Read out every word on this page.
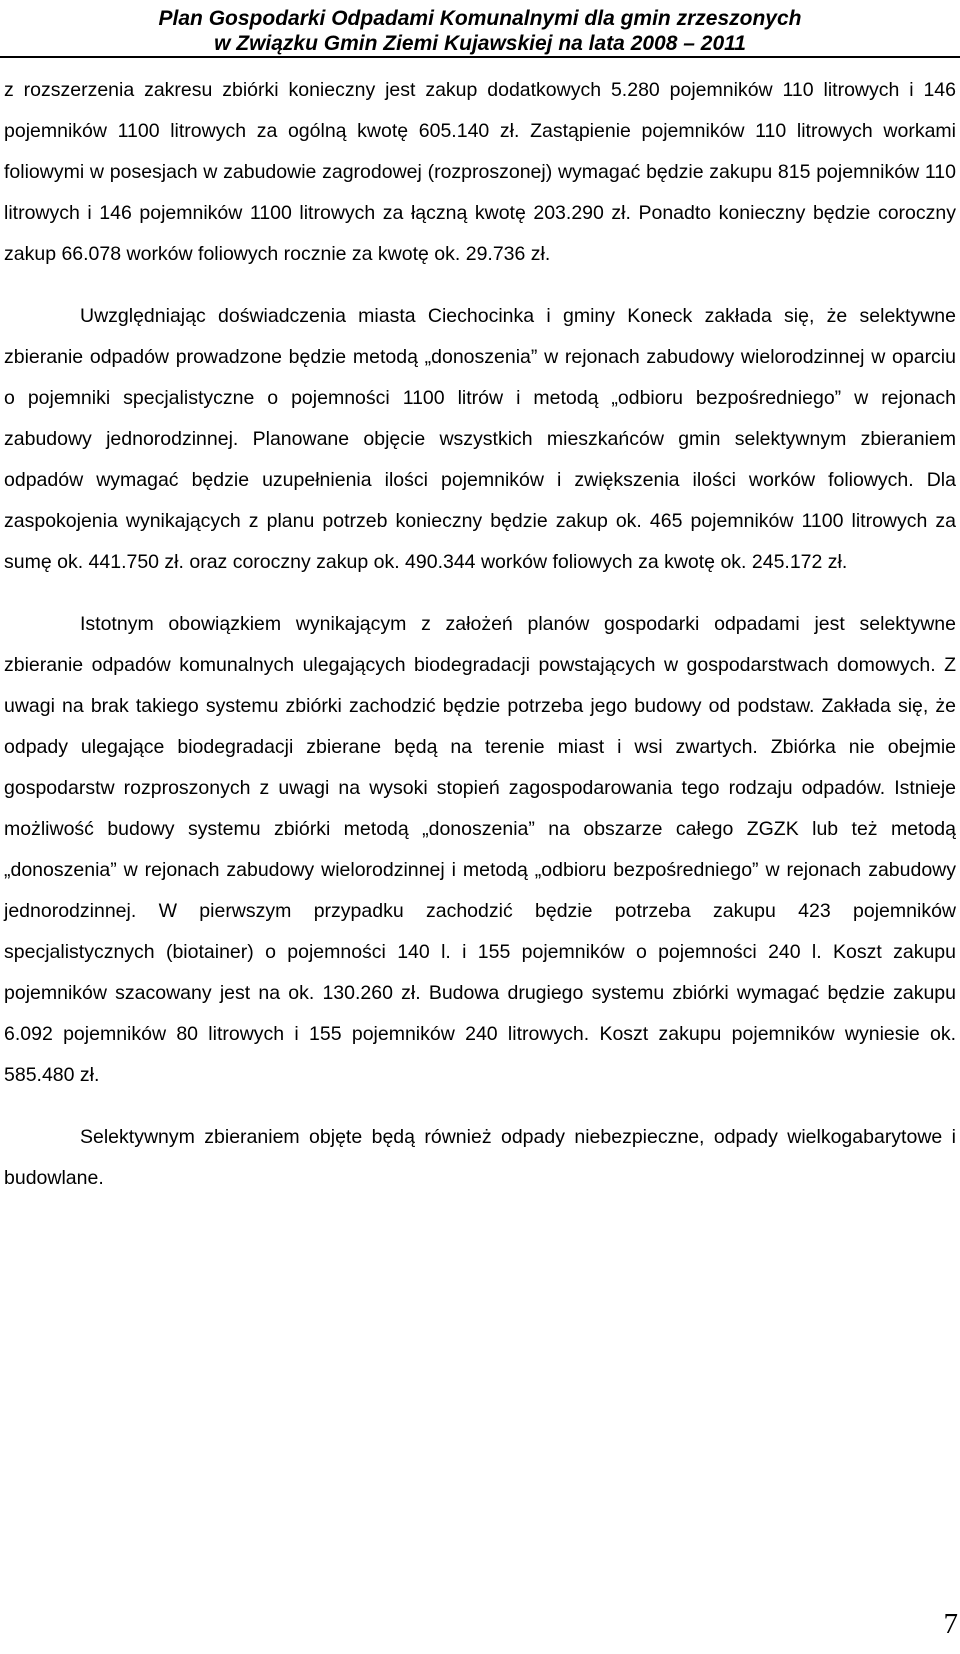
Plan Gospodarki Odpadami Komunalnymi dla gmin zrzeszonych
w Związku Gmin Ziemi Kujawskiej na lata 2008 – 2011

z rozszerzenia zakresu zbiórki konieczny jest zakup dodatkowych 5.280 pojemników 110 litrowych i 146 pojemników 1100 litrowych za ogólną kwotę 605.140 zł. Zastąpienie pojemników 110 litrowych workami foliowymi w posesjach w zabudowie zagrodowej (rozproszonej) wymagać będzie zakupu 815 pojemników 110 litrowych i 146 pojemników 1100 litrowych za łączną kwotę 203.290 zł. Ponadto konieczny będzie coroczny zakup 66.078 worków foliowych rocznie za kwotę ok. 29.736 zł.

Uwzględniając doświadczenia miasta Ciechocinka i gminy Koneck zakłada się, że selektywne zbieranie odpadów prowadzone będzie metodą „donoszenia” w rejonach zabudowy wielorodzinnej w oparciu o pojemniki specjalistyczne o pojemności 1100 litrów i metodą „odbioru bezpośredniego” w rejonach zabudowy jednorodzinnej. Planowane objęcie wszystkich mieszkańców gmin selektywnym zbieraniem odpadów wymagać będzie uzupełnienia ilości pojemników i zwiększenia ilości worków foliowych. Dla zaspokojenia wynikających z planu potrzeb konieczny będzie zakup ok. 465 pojemników 1100 litrowych za sumę ok. 441.750 zł. oraz coroczny zakup ok. 490.344 worków foliowych za kwotę ok. 245.172 zł.

Istotnym obowiązkiem wynikającym z założeń planów gospodarki odpadami jest selektywne zbieranie odpadów komunalnych ulegających biodegradacji powstających w gospodarstwach domowych. Z uwagi na brak takiego systemu zbiórki zachodzić będzie potrzeba jego budowy od podstaw. Zakłada się, że odpady ulegające biodegradacji zbierane będą na terenie miast i wsi zwartych. Zbiórka nie obejmie gospodarstw rozproszonych z uwagi na wysoki stopień zagospodarowania tego rodzaju odpadów. Istnieje możliwość budowy systemu zbiórki metodą „donoszenia” na obszarze całego ZGZK lub też metodą „donoszenia” w rejonach zabudowy wielorodzinnej i metodą „odbioru bezpośredniego” w rejonach zabudowy jednorodzinnej. W pierwszym przypadku zachodzić będzie potrzeba zakupu 423 pojemników specjalistycznych (biotainer) o pojemności 140 l. i 155 pojemników o pojemności 240 l. Koszt zakupu pojemników szacowany jest na ok. 130.260 zł. Budowa drugiego systemu zbiórki wymagać będzie zakupu 6.092 pojemników 80 litrowych i 155 pojemników 240 litrowych. Koszt zakupu pojemników wyniesie ok. 585.480 zł.

Selektywnym zbieraniem objęte będą również odpady niebezpieczne, odpady wielkogabarytowe i budowlane.

7
